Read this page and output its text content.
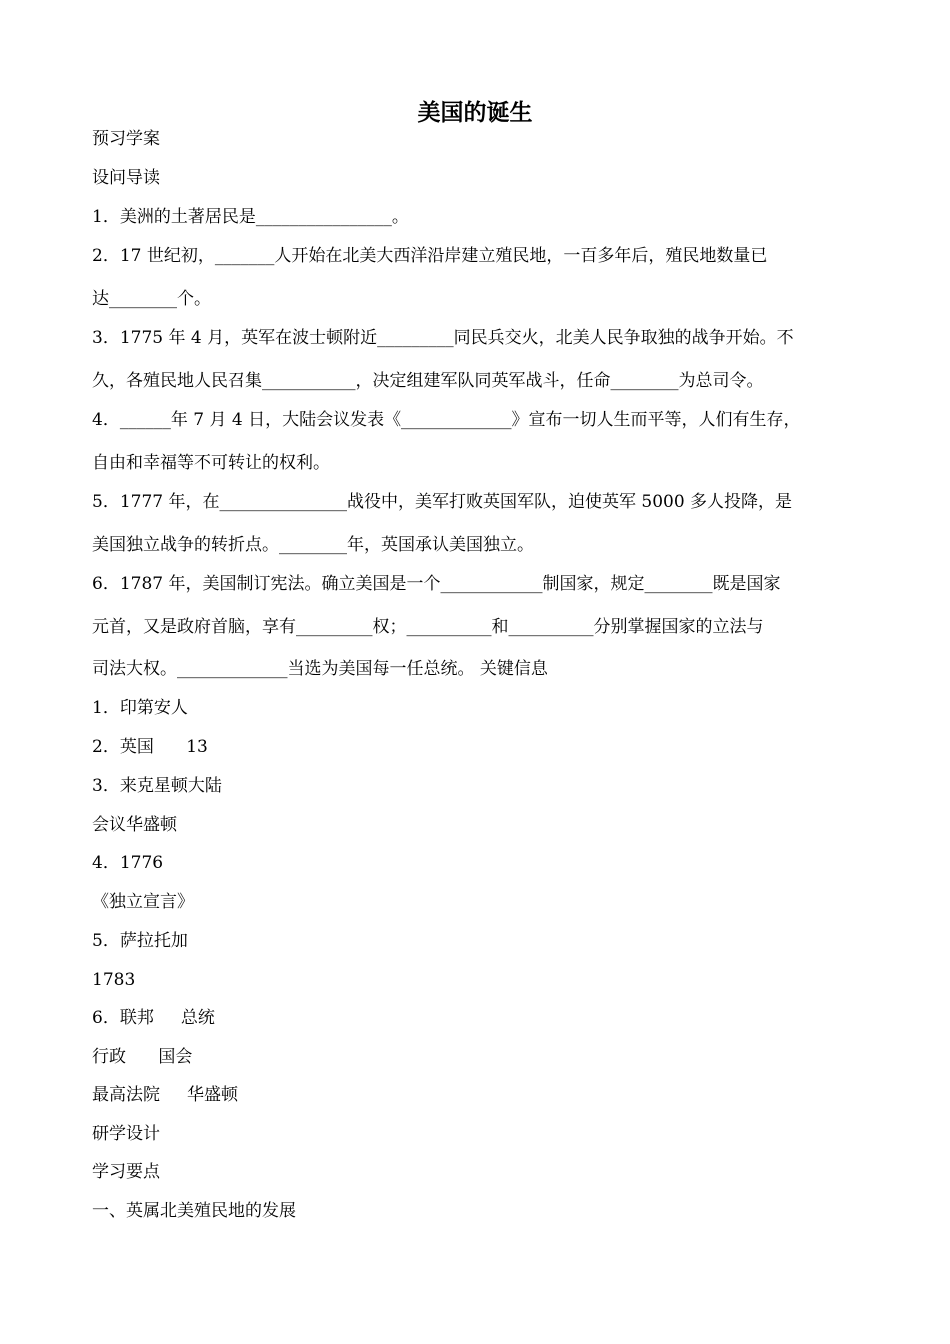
美国的诞生
预习学案
设问导读
1．美洲的土著居民是________________。
2．17 世纪初，_______人开始在北美大西洋沿岸建立殖民地，一百多年后，殖民地数量已
达________个。
3．1775 年 4 月，英军在波士顿附近_________同民兵交火，北美人民争取独的战争开始。不
久，各殖民地人民召集___________，决定组建军队同英军战斗，任命________为总司令。
4．______年 7 月 4 日，大陆会议发表《_____________》宣布一切人生而平等，人们有生存，
自由和幸福等不可转让的权利。
5．1777 年，在_______________战役中，美军打败英国军队，迫使英军 5000 多人投降，是
美国独立战争的转折点。________年，英国承认美国独立。
6．1787 年，美国制订宪法。确立美国是一个____________制国家，规定________既是国家
元首，又是政府首脑，享有_________权；__________和__________分别掌握国家的立法与
司法大权。_____________当选为美国每一任总统。 关键信息
1．印第安人
2．英国      13
3．来克星顿大陆
会议华盛顿
4．1776
《独立宣言》
5．萨拉托加
1783
6．联邦     总统
行政      国会
最高法院     华盛顿
研学设计
学习要点
一、英属北美殖民地的发展
